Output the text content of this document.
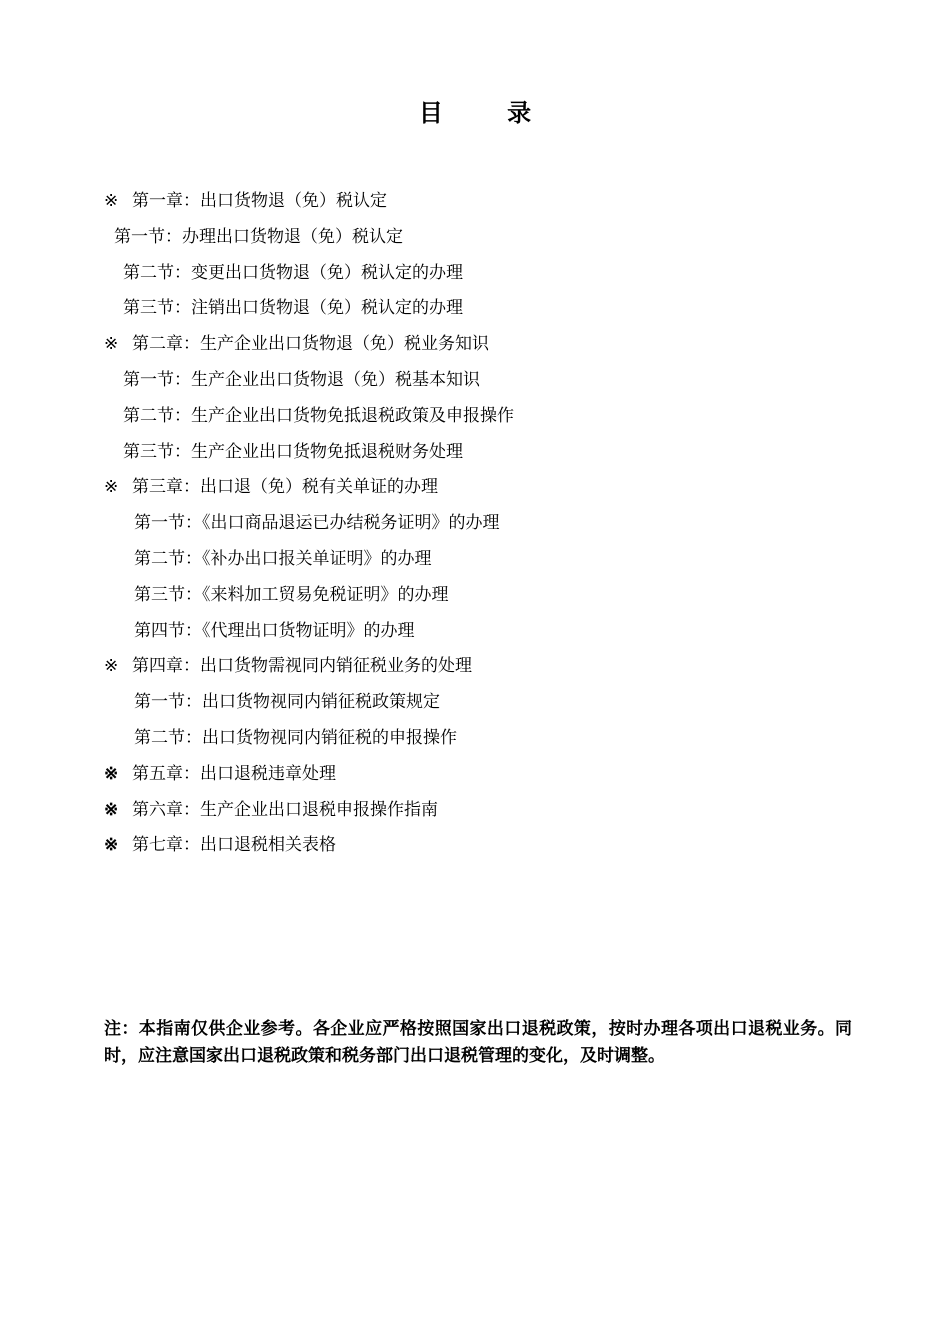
目 录
※ 第一章：出口货物退（免）税认定
第一节：办理出口货物退（免）税认定
第二节：变更出口货物退（免）税认定的办理
第三节：注销出口货物退（免）税认定的办理
※ 第二章：生产企业出口货物退（免）税业务知识
第一节：生产企业出口货物退（免）税基本知识
第二节：生产企业出口货物免抵退税政策及申报操作
第三节：生产企业出口货物免抵退税财务处理
※ 第三章：出口退（免）税有关单证的办理
第一节：《出口商品退运已办结税务证明》的办理
第二节：《补办出口报关单证明》的办理
第三节：《来料加工贸易免税证明》的办理
第四节：《代理出口货物证明》的办理
※ 第四章：出口货物需视同内销征税业务的处理
第一节：出口货物视同内销征税政策规定
第二节：出口货物视同内销征税的申报操作
※ 第五章：出口退税违章处理
※ 第六章：生产企业出口退税申报操作指南
※ 第七章：出口退税相关表格
注：本指南仅供企业参考。各企业应严格按照国家出口退税政策，按时办理各项出口退税业务。同时，应注意国家出口退税政策和税务部门出口退税管理的变化，及时调整。
